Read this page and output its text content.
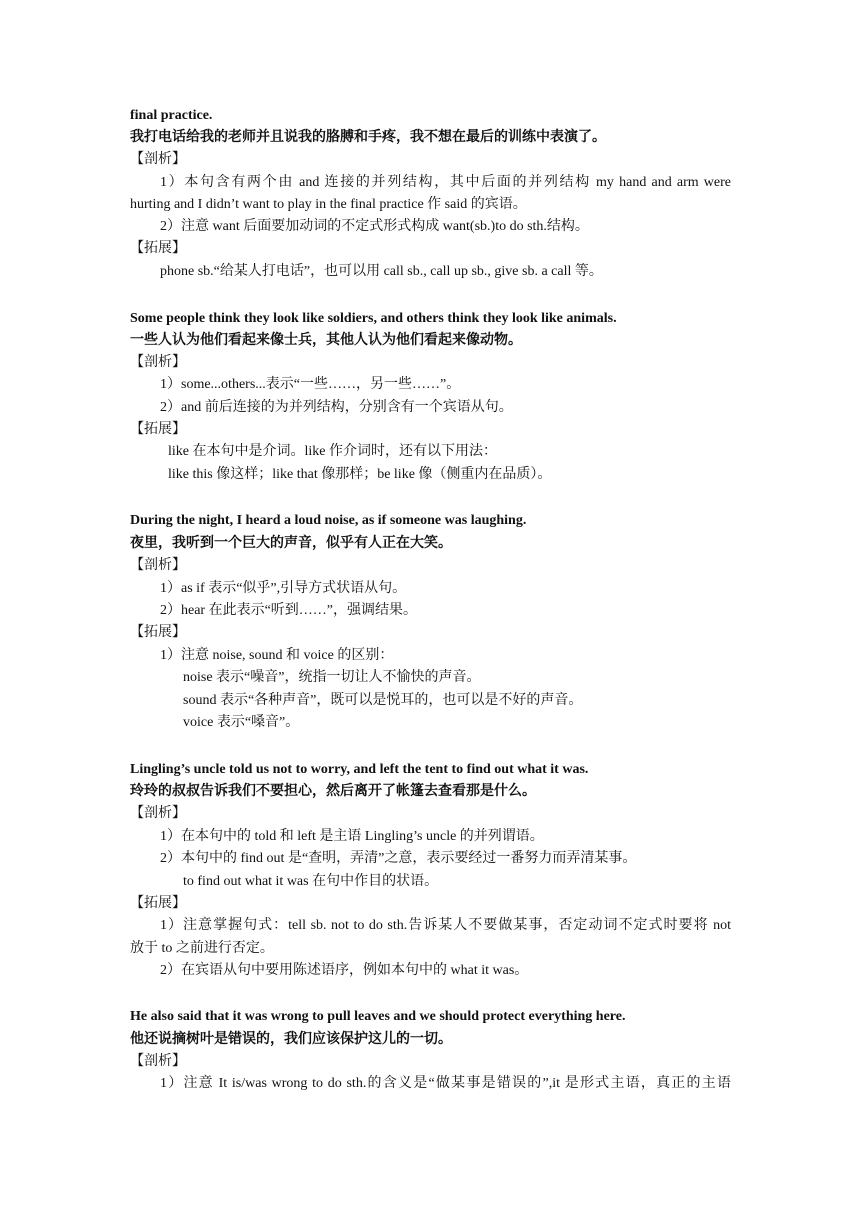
final practice.
我打电话给我的老师并且说我的胳膊和手疼，我不想在最后的训练中表演了。
【剖析】
1）本句含有两个由 and 连接的并列结构，其中后面的并列结构 my hand and arm were
hurting and I didn’t want to play in the final practice 作 said 的宾语。
2）注意 want 后面要加动词的不定式形式构成 want(sb.)to do sth.结构。
【拓展】
phone sb.“给某人打电话”，也可以用 call sb., call up sb., give sb. a call 等。
Some people think they look like soldiers, and others think they look like animals.
一些人认为他们看起来像士兵，其他人认为他们看起来像动物。
【剖析】
1）some...others...表示“一些……，另一些……”。
2）and 前后连接的为并列结构，分别含有一个宾语从句。
【拓展】
like 在本句中是介词。like 作介词时，还有以下用法：
like this 像这样；like that 像那样；be like 像（侧重内在品质）。
During the night, I heard a loud noise, as if someone was laughing.
夜里，我听到一个巨大的声音，似乎有人正在大笑。
【剖析】
1）as if 表示“似乎”,引导方式状语从句。
2）hear 在此表示“听到……”，强调结果。
【拓展】
1）注意 noise, sound 和 voice 的区别：
noise 表示“噪音”，统指一切让人不愉快的声音。
sound 表示“各种声音”，既可以是悦耳的，也可以是不好的声音。
voice 表示“嗓音”。
Lingling’s uncle told us not to worry, and left the tent to find out what it was.
玲玲的叔叔告诉我们不要担心，然后离开了帐篷去查看那是什么。
【剖析】
1）在本句中的 told 和 left 是主语 Lingling’s uncle 的并列谓语。
2）本句中的 find out 是“查明，弄清”之意，表示要经过一番努力而弄清某事。
to find out what it was 在句中作目的状语。
【拓展】
1）注意掌握句式：tell sb. not to do sth.告诉某人不要做某事，否定动词不定式时要将 not
放于 to 之前进行否定。
2）在宾语从句中要用陈述语序，例如本句中的 what it was。
He also said that it was wrong to pull leaves and we should protect everything here.
他还说摘树叶是错误的，我们应该保护这儿的一切。
【剖析】
1）注意 It is/was wrong to do sth.的含义是“做某事是错误的”,it 是形式主语，真正的主语
